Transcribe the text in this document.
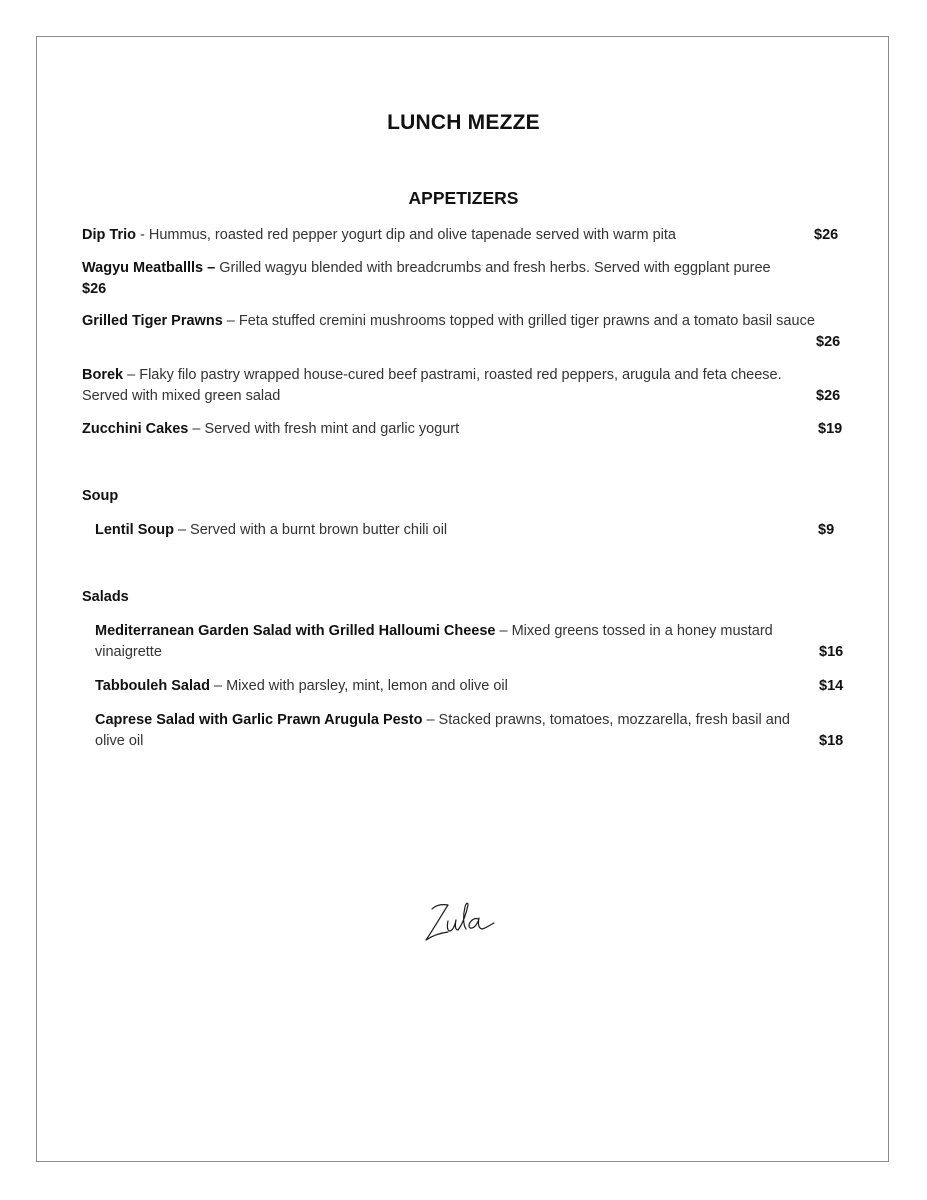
LUNCH MEZZE
APPETIZERS
Dip Trio - Hummus, roasted red pepper yogurt dip and olive tapenade served with warm pita	$26
Wagyu Meatballls – Grilled wagyu blended with breadcrumbs and fresh herbs. Served with eggplant puree
$26
Grilled Tiger Prawns – Feta stuffed cremini mushrooms topped with grilled tiger prawns and a tomato basil sauce
$26
Borek – Flaky filo pastry wrapped house-cured beef pastrami, roasted red peppers, arugula and feta cheese. Served with mixed green salad	$26
Zucchini Cakes – Served with fresh mint and garlic yogurt	$19
Soup
Lentil Soup – Served with a burnt brown butter chili oil	$9
Salads
Mediterranean Garden Salad with Grilled Halloumi Cheese – Mixed greens tossed in a honey mustard vinaigrette	$16
Tabbouleh Salad – Mixed with parsley, mint, lemon and olive oil	$14
Caprese Salad with Garlic Prawn Arugula Pesto – Stacked prawns, tomatoes, mozzarella, fresh basil and olive oil	$18
